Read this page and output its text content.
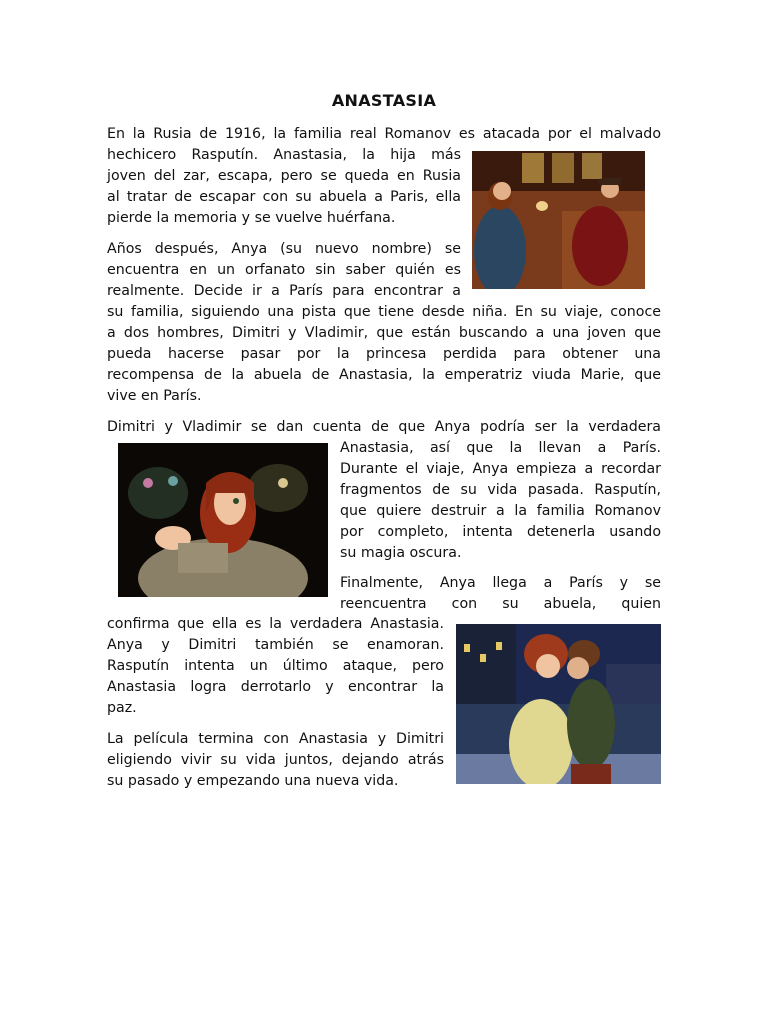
ANASTASIA
En la Rusia de 1916, la familia real Romanov es atacada por el malvado
hechicero Rasputín. Anastasia, la hija más
joven del zar, escapa, pero se queda en Rusia
al tratar de escapar con su abuela a Paris, ella
pierde la memoria y se vuelve huérfana.
Años después, Anya (su nuevo nombre) se
encuentra en un orfanato sin saber quién es
realmente. Decide ir a París para encontrar a
su familia, siguiendo una pista que tiene desde niña. En su viaje, conoce
a dos hombres, Dimitri y Vladimir, que están buscando a una joven que
pueda hacerse pasar por la princesa perdida para obtener una
recompensa de la abuela de Anastasia, la emperatriz viuda Marie, que
vive en París.
Dimitri y Vladimir se dan cuenta de que Anya podría ser la verdadera
Anastasia, así que la llevan a París.
Durante el viaje, Anya empieza a recordar
fragmentos de su vida pasada. Rasputín,
que quiere destruir a la familia Romanov
por completo, intenta detenerla usando
su magia oscura.
Finalmente, Anya llega a París y se
reencuentra con su abuela, quien
confirma que ella es la verdadera Anastasia.
Anya y Dimitri también se enamoran.
Rasputín intenta un último ataque, pero
Anastasia logra derrotarlo y encontrar la
paz.
La película termina con Anastasia y Dimitri
eligiendo vivir su vida juntos, dejando atrás
su pasado y empezando una nueva vida.
